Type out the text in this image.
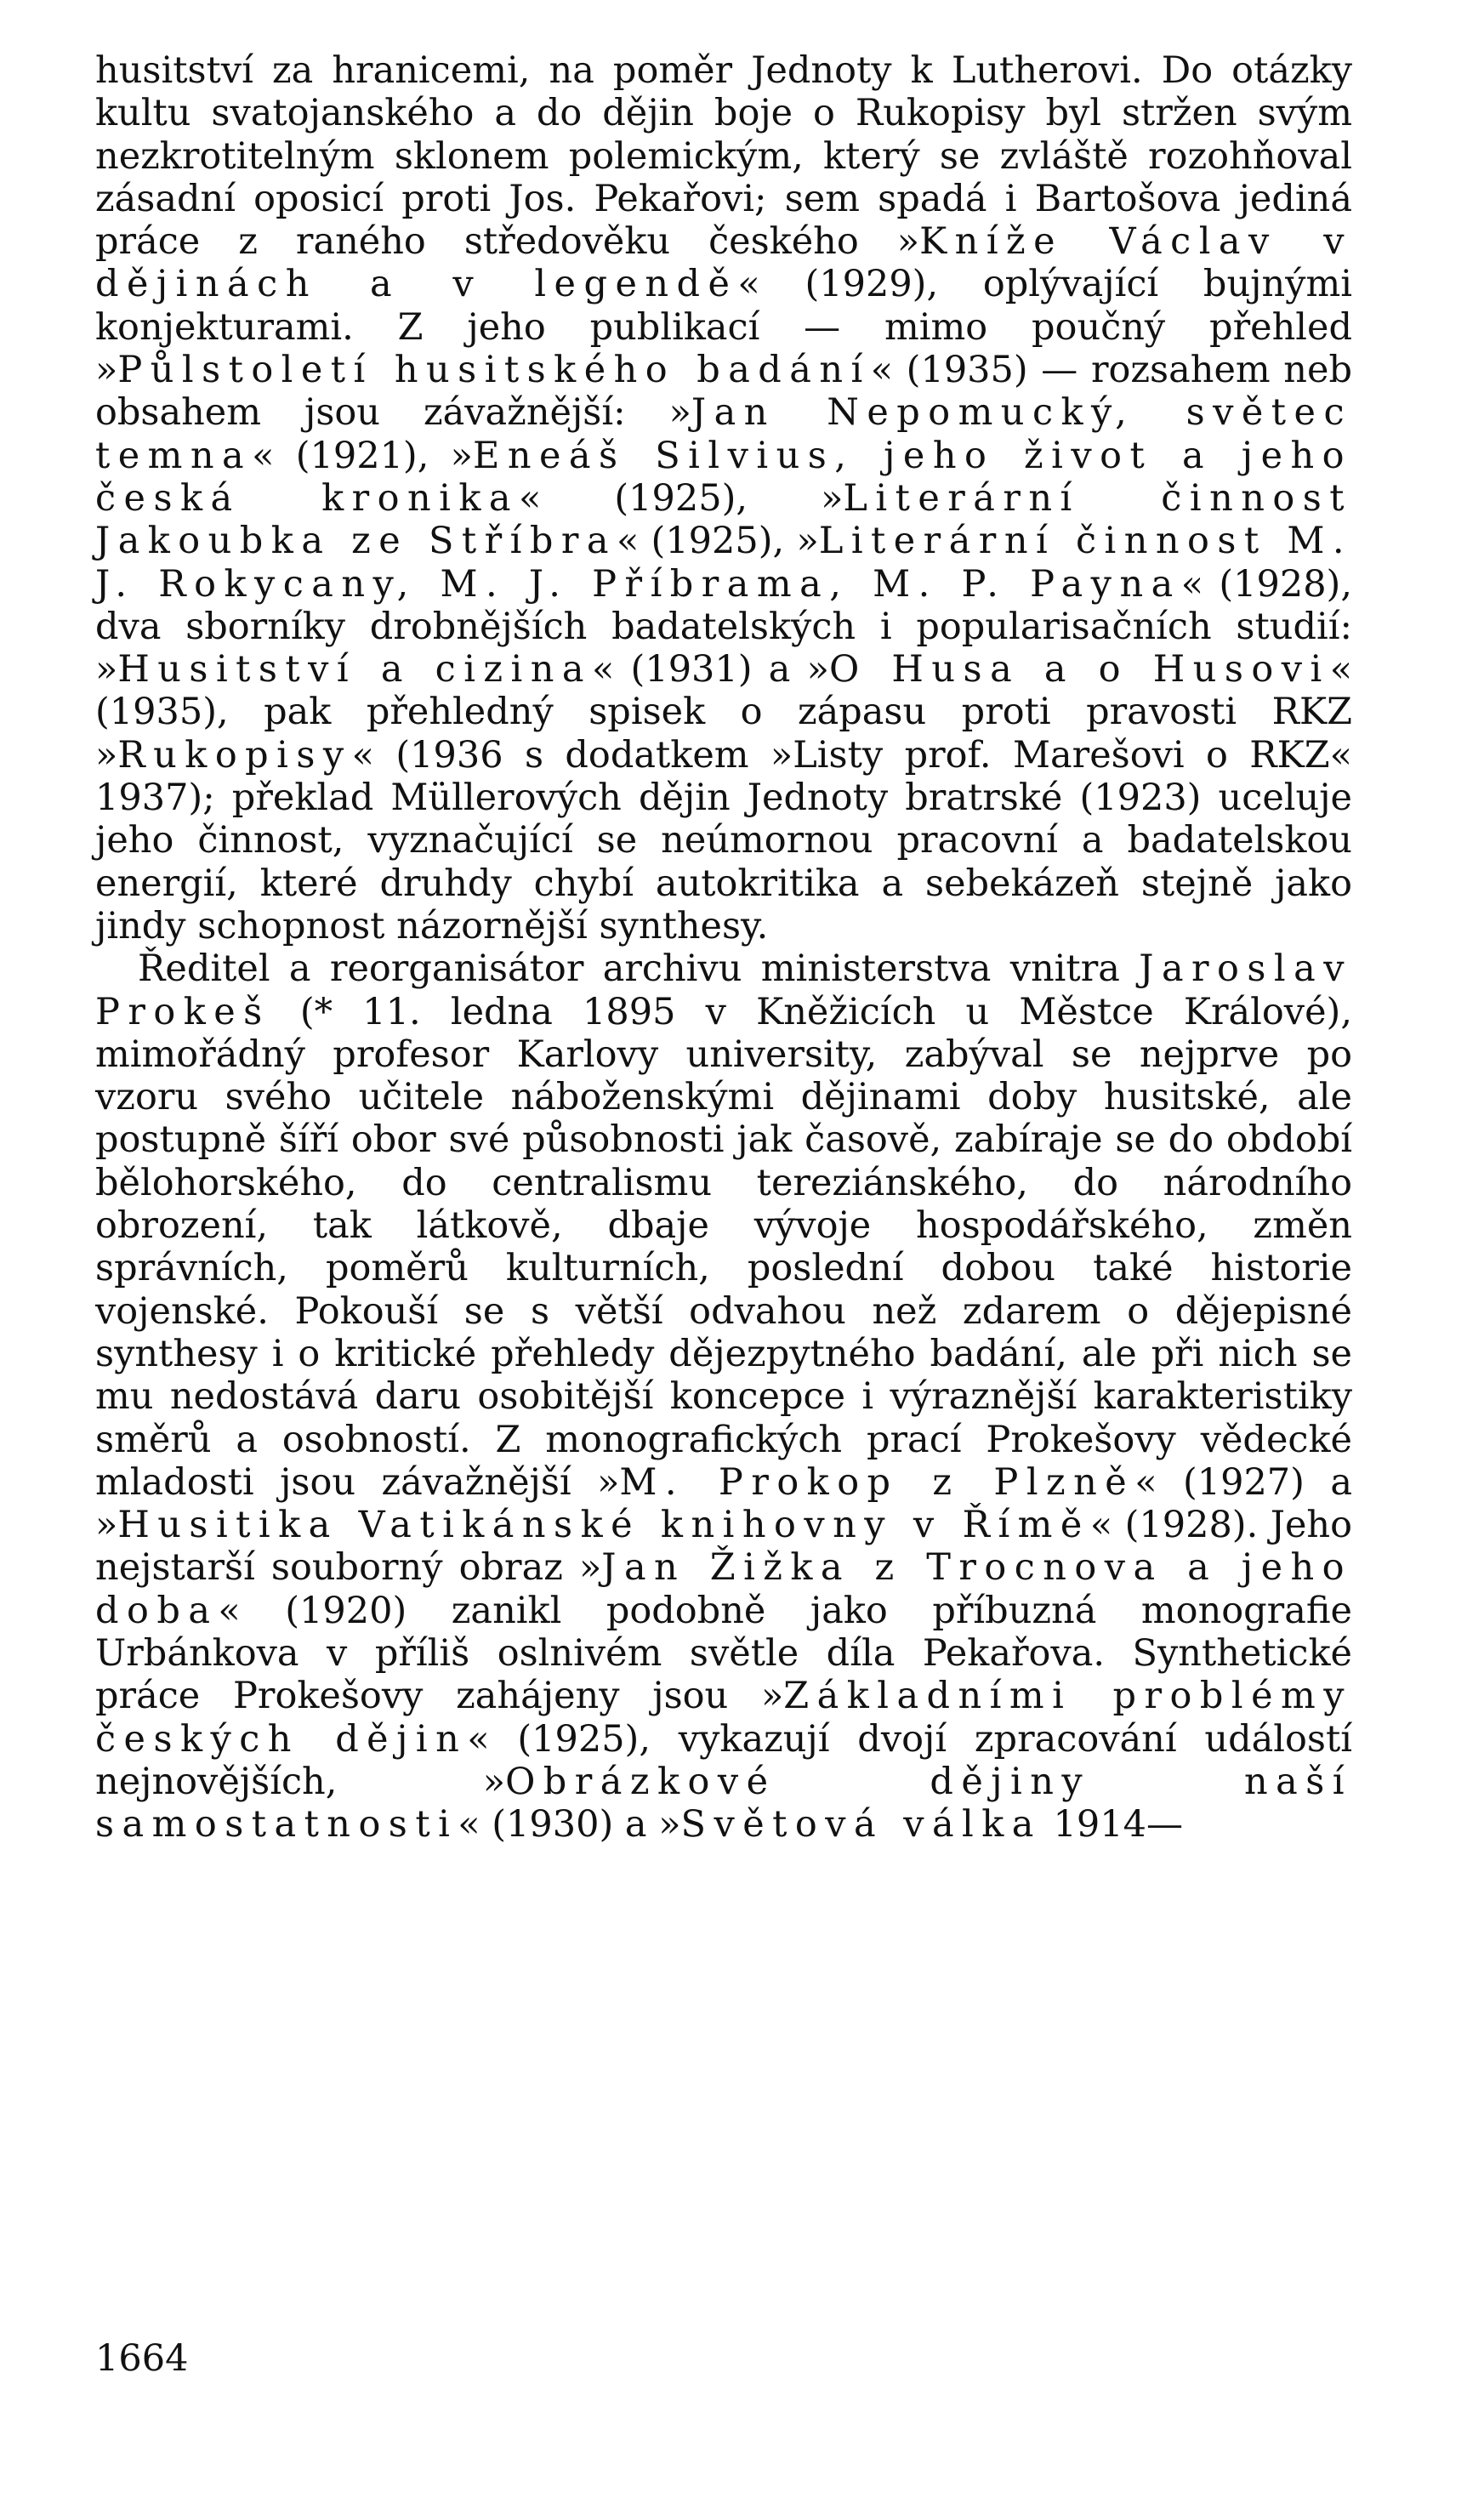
husitství za hranicemi, na poměr Jednoty k Lutherovi. Do otázky kultu svatojanského a do dějin boje o Rukopisy byl stržen svým nezkrotitelným sklonem polemickým, který se zvláště rozohňoval zásadní oposicí proti Jos. Pekařovi; sem spadá i Bartošova jediná práce z raného středověku českého »Kníže Václav v dějinách a v legendě« (1929), oplývající bujnými konjekturami. Z jeho publikací — mimo poučný přehled »Půlstoletí husitského badání« (1935) — rozsahem neb obsahem jsou závažnější: »Jan Nepomucký, světec temna« (1921), »Eneáš Silvius, jeho život a jeho česká kronika« (1925), »Literární činnost Jakoubka ze Stříbra« (1925), »Literární činnost M. J. Rokycany, M. J. Příbrama, M. P. Payna« (1928), dva sborníky drobnějších badatelských i popularisačních studií: »Husitství a cizina« (1931) a »O Husa a o Husovi« (1935), pak přehledný spisek o zápasu proti pravosti RKZ »Rukopisy« (1936 s dodatkem »Listy prof. Marešovi o RKZ« 1937); překlad Müllerových dějin Jednoty bratrské (1923) uceluje jeho činnost, vyznačující se neúmornou pracovní a badatelskou energií, které druhdy chybí autokritika a sebekázeň stejně jako jindy schopnost názornější synthesy.

Ředitel a reorganisátor archivu ministerstva vnitra Jaroslav Prokeš (* 11. ledna 1895 v Kněžicích u Městce Králové), mimořádný profesor Karlovy university, zabýval se nejprve po vzoru svého učitele náboženskými dějinami doby husitské, ale postupně šíří obor své působnosti jak časově, zabíraje se do období bělohorského, do centralismu tereziánského, do národního obrození, tak látkově, dbaje vývoje hospodářského, změn správních, poměrů kulturních, poslední dobou také historie vojenské. Pokouší se s větší odvahou než zdarem o dějepisné synthesy i o kritické přehledy dějezpytného badání, ale při nich se mu nedostává daru osobitější koncepce i výraznější karakteristiky směrů a osobností. Z monografických prací Prokešovy vědecké mladosti jsou závažnější »M. Prokop z Plzně« (1927) a »Husitika Vatikánské knihovny v Římě« (1928). Jeho nejstarší souborný obraz »Jan Žižka z Trocnova a jeho doba« (1920) zanikl podobně jako příbuzná monografie Urbánkova v příliš oslnivém světle díla Pekařova. Synthetické práce Prokešovy zahájeny jsou »Základními problémy českých dějin« (1925), vykazují dvojí zpracování událostí nejnovějších, »Obrázkové dějiny naší samostatnosti« (1930) a »Světová válka 1914—

1664
